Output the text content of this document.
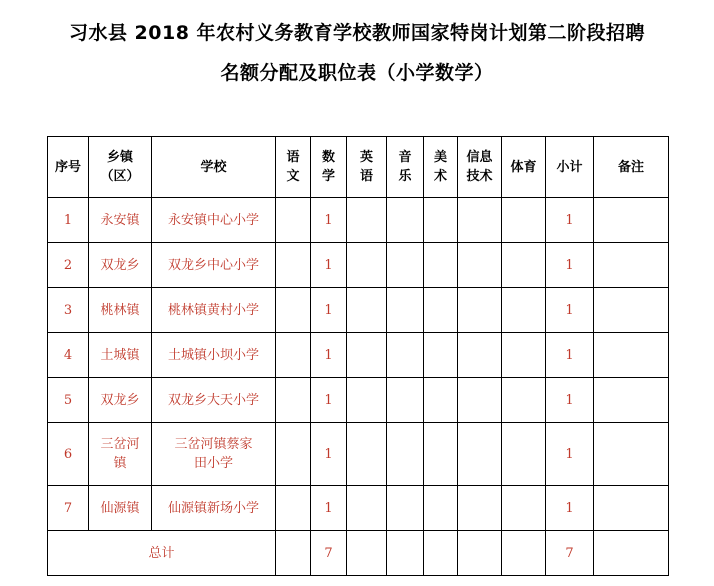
习水县 2018 年农村义务教育学校教师国家特岗计划第二阶段招聘
名额分配及职位表（小学数学）
序号	乡镇（区）	学校	语文	数学	英语	音乐	美术	信息技术	体育	小计	备注
1	永安镇	永安镇中心小学		1						1	
2	双龙乡	双龙乡中心小学		1						1	
3	桃林镇	桃林镇黄村小学		1						1	
4	土城镇	土城镇小坝小学		1						1	
5	双龙乡	双龙乡大天小学		1						1	
6	三岔河镇	三岔河镇蔡家田小学		1						1	
7	仙源镇	仙源镇新场小学		1						1	
总计				7						7	
